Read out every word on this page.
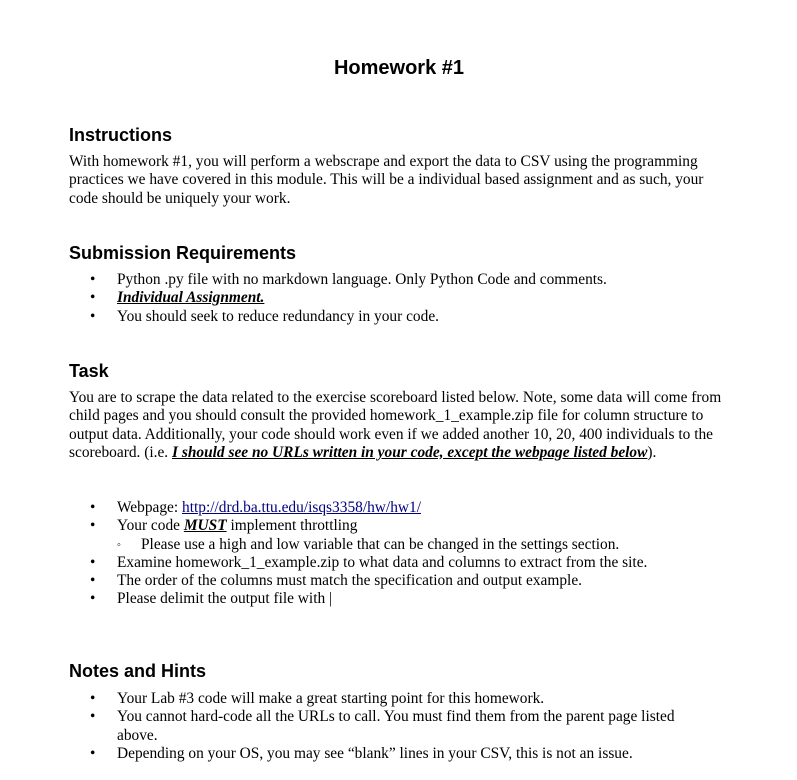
Homework #1
Instructions

With homework #1, you will perform a webscrape and export the data to CSV using the programming practices we have covered in this module. This will be a individual based assignment and as such, your code should be uniquely your work.

Submission Requirements
• Python .py file with no markdown language. Only Python Code and comments.
• Individual Assignment.
• You should seek to reduce redundancy in your code.
Task

You are to scrape the data related to the exercise scoreboard listed below. Note, some data will come from child pages and you should consult the provided homework_1_example.zip file for column structure to output data. Additionally, your code should work even if we added another 10, 20, 400 individuals to the scoreboard. (i.e. I should see no URLs written in your code, except the webpage listed below).

• Webpage: http://drd.ba.ttu.edu/isqs3358/hw/hw1/
• Your code MUST implement throttling
◦ Please use a high and low variable that can be changed in the settings section.
• Examine homework_1_example.zip to what data and columns to extract from the site.
• The order of the columns must match the specification and output example.
• Please delimit the output file with |
Notes and Hints
• Your Lab #3 code will make a great starting point for this homework.
• You cannot hard-code all the URLs to call. You must find them from the parent page listed above.
• Depending on your OS, you may see “blank” lines in your CSV, this is not an issue.
